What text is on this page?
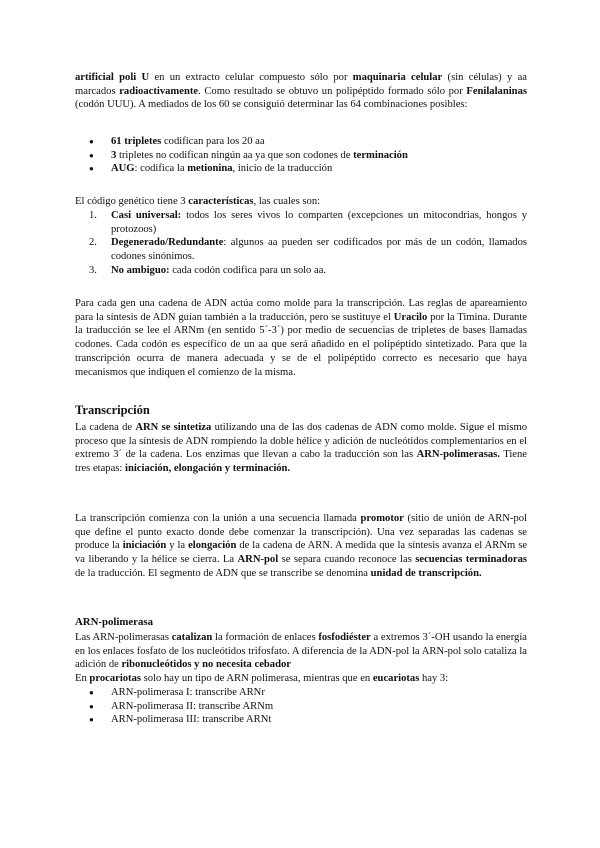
artificial poli U en un extracto celular compuesto sólo por maquinaria celular (sin células) y aa marcados radioactivamente. Como resultado se obtuvo un polipéptido formado sólo por Fenilalaninas (codón UUU). A mediados de los 60 se consiguió determinar las 64 combinaciones posibles:

● 61 tripletes codifican para los 20 aa
● 3 tripletes no codifican ningún aa ya que son codones de terminación
● AUG: codifica la metionina, inicio de la traducción

El código genético tiene 3 características, las cuales son:

1. Casi universal: todos los seres vivos lo comparten (excepciones un mitocondrias, hongos y protozoos)
2. Degenerado/Redundante: algunos aa pueden ser codificados por más de un codón, llamados codones sinónimos.
3. No ambiguo: cada codón codifica para un solo aa.

Para cada gen una cadena de ADN actúa como molde para la transcripción. Las reglas de apareamiento para la síntesis de ADN guían también a la traducción, pero se sustituye el Uracilo por la Timina. Durante la traducción se lee el ARNm (en sentido 5´-3´) por medio de secuencias de tripletes de bases llamadas codones. Cada codón es específico de un aa que será añadido en el polipéptido sintetizado. Para que la transcripción ocurra de manera adecuada y se de el polipéptido correcto es necesario que haya mecanismos que indiquen el comienzo de la misma.

Transcripción

La cadena de ARN se sintetiza utilizando una de las dos cadenas de ADN como molde. Sigue el mismo proceso que la síntesis de ADN rompiendo la doble hélice y adición de nucleótidos complementarios en el extremo 3´ de la cadena. Los enzimas que llevan a cabo la traducción son las ARN-polimerasas. Tiene tres etapas: iniciación, elongación y terminación.

La transcripción comienza con la unión a una secuencia llamada promotor (sitio de unión de ARN-pol que define el punto exacto donde debe comenzar la transcripción). Una vez separadas las cadenas se produce la iniciación y la elongación de la cadena de ARN. A medida que la síntesis avanza el ARNm se va liberando y la hélice se cierra. La ARN-pol se separa cuando reconoce las secuencias terminadoras de la traducción. El segmento de ADN que se transcribe se denomina unidad de transcripción.

ARN-polimerasa

Las ARN-polimerasas catalizan la formación de enlaces fosfodiéster a extremos 3´-OH usando la energía en los enlaces fosfato de los nucleótidos trifosfato. A diferencia de la ADN-pol la ARN-pol solo cataliza la adición de ribonucleótidos y no necesita cebador

En procariotas solo hay un tipo de ARN polimerasa, mientras que en eucariotas hay 3:

● ARN-polimerasa I: transcribe ARNr
● ARN-polimerasa II: transcribe ARNm
● ARN-polimerasa III: transcribe ARNt
